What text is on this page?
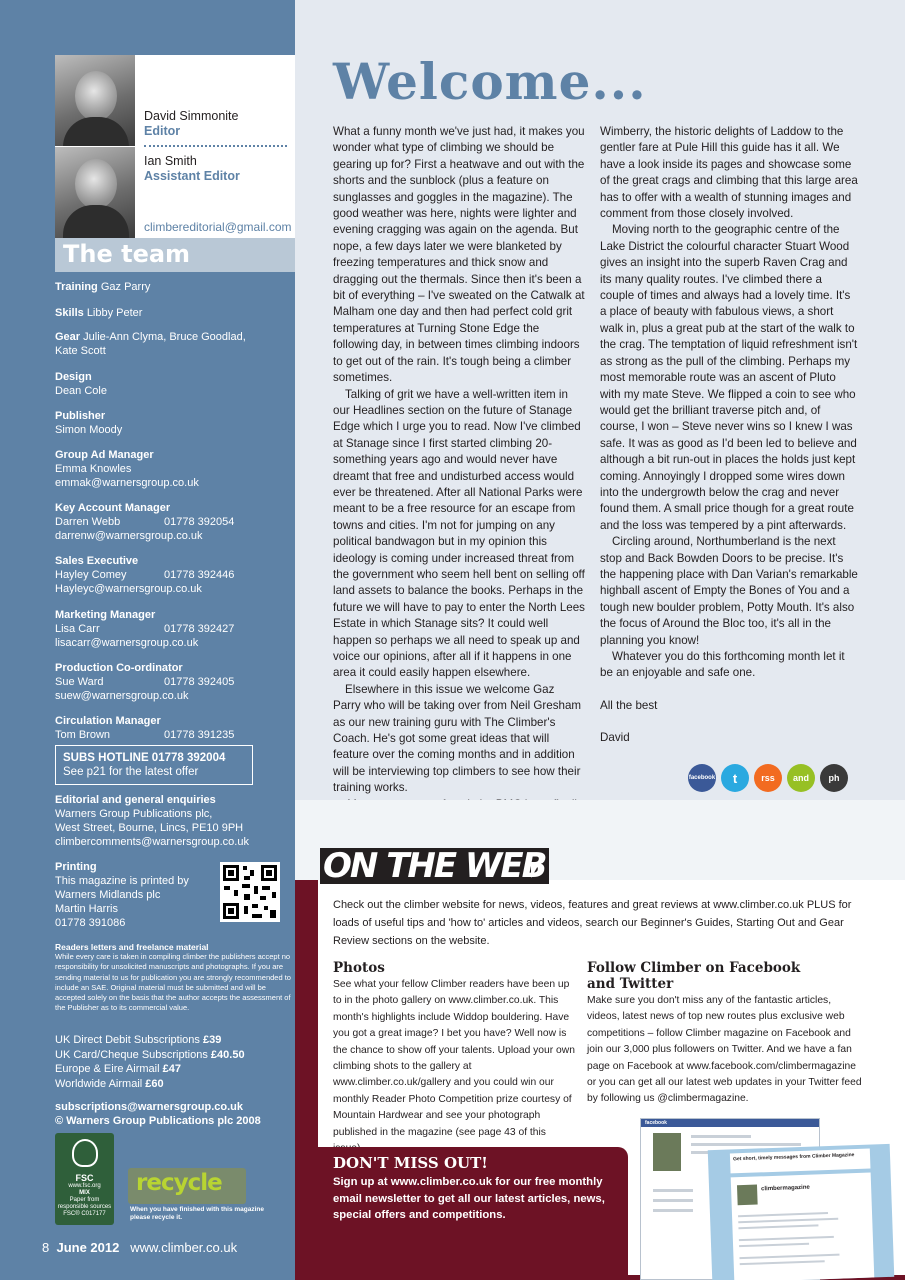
David Simmonite
Editor
Ian Smith
Assistant Editor
climbereditorial@gmail.com
The team
Training Gaz Parry
Skills Libby Peter
Gear Julie-Ann Clyma, Bruce Goodlad,
Kate Scott
Design
Dean Cole
Publisher
Simon Moody
Group Ad Manager
Emma Knowles
emmak@warnersgroup.co.uk
Key Account Manager
Darren Webb	01778 392054
darrenw@warnersgroup.co.uk
Sales Executive
Hayley Comey	01778 392446
Hayleyc@warnersgroup.co.uk
Marketing Manager
Lisa Carr	01778 392427
lisacarr@warnersgroup.co.uk
Production Co-ordinator
Sue Ward	01778 392405
suew@warnersgroup.co.uk
Circulation Manager
Tom Brown	01778 391235
SUBS HOTLINE 01778 392004
See p21 for the latest offer
Editorial and general enquiries
Warners Group Publications plc,
West Street, Bourne, Lincs, PE10 9PH
climbercomments@warnersgroup.co.uk
Printing
This magazine is printed by
Warners Midlands plc
Martin Harris
01778 391086
Readers letters and freelance material
While every care is taken in compiling climber the publishers accept no responsibility for unsolicited manuscripts and photographs. If you are sending material to us for publication you are strongly recommended to include an SAE. Original material must be submitted and will be accepted solely on the basis that the author accepts the assessment of the Publisher as to its commercial value.
UK Direct Debit Subscriptions £39
UK Card/Cheque Subscriptions £40.50
Europe & Eire Airmail £47
Worldwide Airmail £60
subscriptions@warnersgroup.co.uk
© Warners Group Publications plc 2008
FSC
www.fsc.org
MIX
Paper from responsible sources
FSC® C017177
recycle
When you have finished with this magazine please recycle it.
8 June 2012 www.climber.co.uk
Welcome...

What a funny month we've just had, it makes you wonder what type of climbing we should be gearing up for? First a heatwave and out with the shorts and the sunblock (plus a feature on sunglasses and goggles in the magazine). The good weather was here, nights were lighter and evening cragging was again on the agenda. But nope, a few days later we were blanketed by freezing temperatures and thick snow and dragging out the thermals. Since then it's been a bit of everything – I've sweated on the Catwalk at Malham one day and then had perfect cold grit temperatures at Turning Stone Edge the following day, in between times climbing indoors to get out of the rain. It's tough being a climber sometimes.

Talking of grit we have a well-written item in our Headlines section on the future of Stanage Edge which I urge you to read. Now I've climbed at Stanage since I first started climbing 20-something years ago and would never have dreamt that free and undisturbed access would ever be threatened. After all National Parks were meant to be a free resource for an escape from towns and cities. I'm not for jumping on any political bandwagon but in my opinion this ideology is coming under increased threat from the government who seem hell bent on selling off land assets to balance the books. Perhaps in the future we will have to pay to enter the North Lees Estate in which Stanage sits? It could well happen so perhaps we all need to speak up and voice our opinions, after all if it happens in one area it could easily happen elsewhere.

Elsewhere in this issue we welcome Gaz Parry who will be taking over from Neil Gresham as our new training guru with The Climber's Coach. He's got some great ideas that will feature over the coming months and in addition will be interviewing top climbers to see how their training works.

Wimberry, the historic delights of Laddow to the gentler fare at Pule Hill this guide has it all. We have a look inside its pages and showcase some of the great crags and climbing that this large area has to offer with a wealth of stunning images and comment from those closely involved.

Moving north to the geographic centre of the Lake District the colourful character Stuart Wood gives an insight into the superb Raven Crag and its many quality routes. I've climbed there a couple of times and always had a lovely time. It's a place of beauty with fabulous views, a short walk in, plus a great pub at the start of the walk to the crag. The temptation of liquid refreshment isn't as strong as the pull of the climbing. Perhaps my most memorable route was an ascent of Pluto with my mate Steve. We flipped a coin to see who would get the brilliant traverse pitch and, of course, I won – Steve never wins so I knew I was safe. It was as good as I'd been led to believe and although a bit run-out in places the holds just kept coming. Annoyingly I dropped some wires down into the undergrowth below the crag and never found them. A small price though for a great route and the loss was tempered by a pint afterwards.

Circling around, Northumberland is the next stop and Back Bowden Doors to be precise. It's the happening place with Dan Varian's remarkable highball ascent of Empty the Bones of You and a tough new boulder problem, Potty Mouth. It's also the focus of Around the Bloc too, it's all in the planning you know!

Whatever you do this forthcoming month let it be an enjoyable and safe one.

All the best

David

facebook	t	rss	and	ph
ON THE WEB
Check out the climber website for news, videos, features and great reviews at www.climber.co.uk PLUS for loads of useful tips and 'how to' articles and videos, search our Beginner's Guides, Starting Out and Gear Review sections on the website.
Photos
See what your fellow Climber readers have been up to in the photo gallery on www.climber.co.uk. This month's highlights include Widdop bouldering. Have you got a great image? I bet you have? Well now is the chance to show off your talents. Upload your own climbing shots to the gallery at www.climber.co.uk/gallery and you could win our monthly Reader Photo Competition prize courtesy of Mountain Hardwear and see your photograph published in the magazine (see page 43 of this
Follow Climber on Facebook and Twitter
Make sure you don't miss any of the fantastic articles, videos, latest news of top new routes plus exclusive web competitions – follow Climber magazine on Facebook and join our 3,000 plus followers on Twitter. And we have a fan page on Facebook at www.facebook.com/climbermagazine or you can get all our latest web updates in your Twitter feed by following us @climbermagazine.
DON'T MISS OUT!
Sign up at www.climber.co.uk for our free monthly email newsletter to get all our latest articles, news, special offers and competitions.
facebook
Get short, timely messages from Climber Magazine
climbermagazine
